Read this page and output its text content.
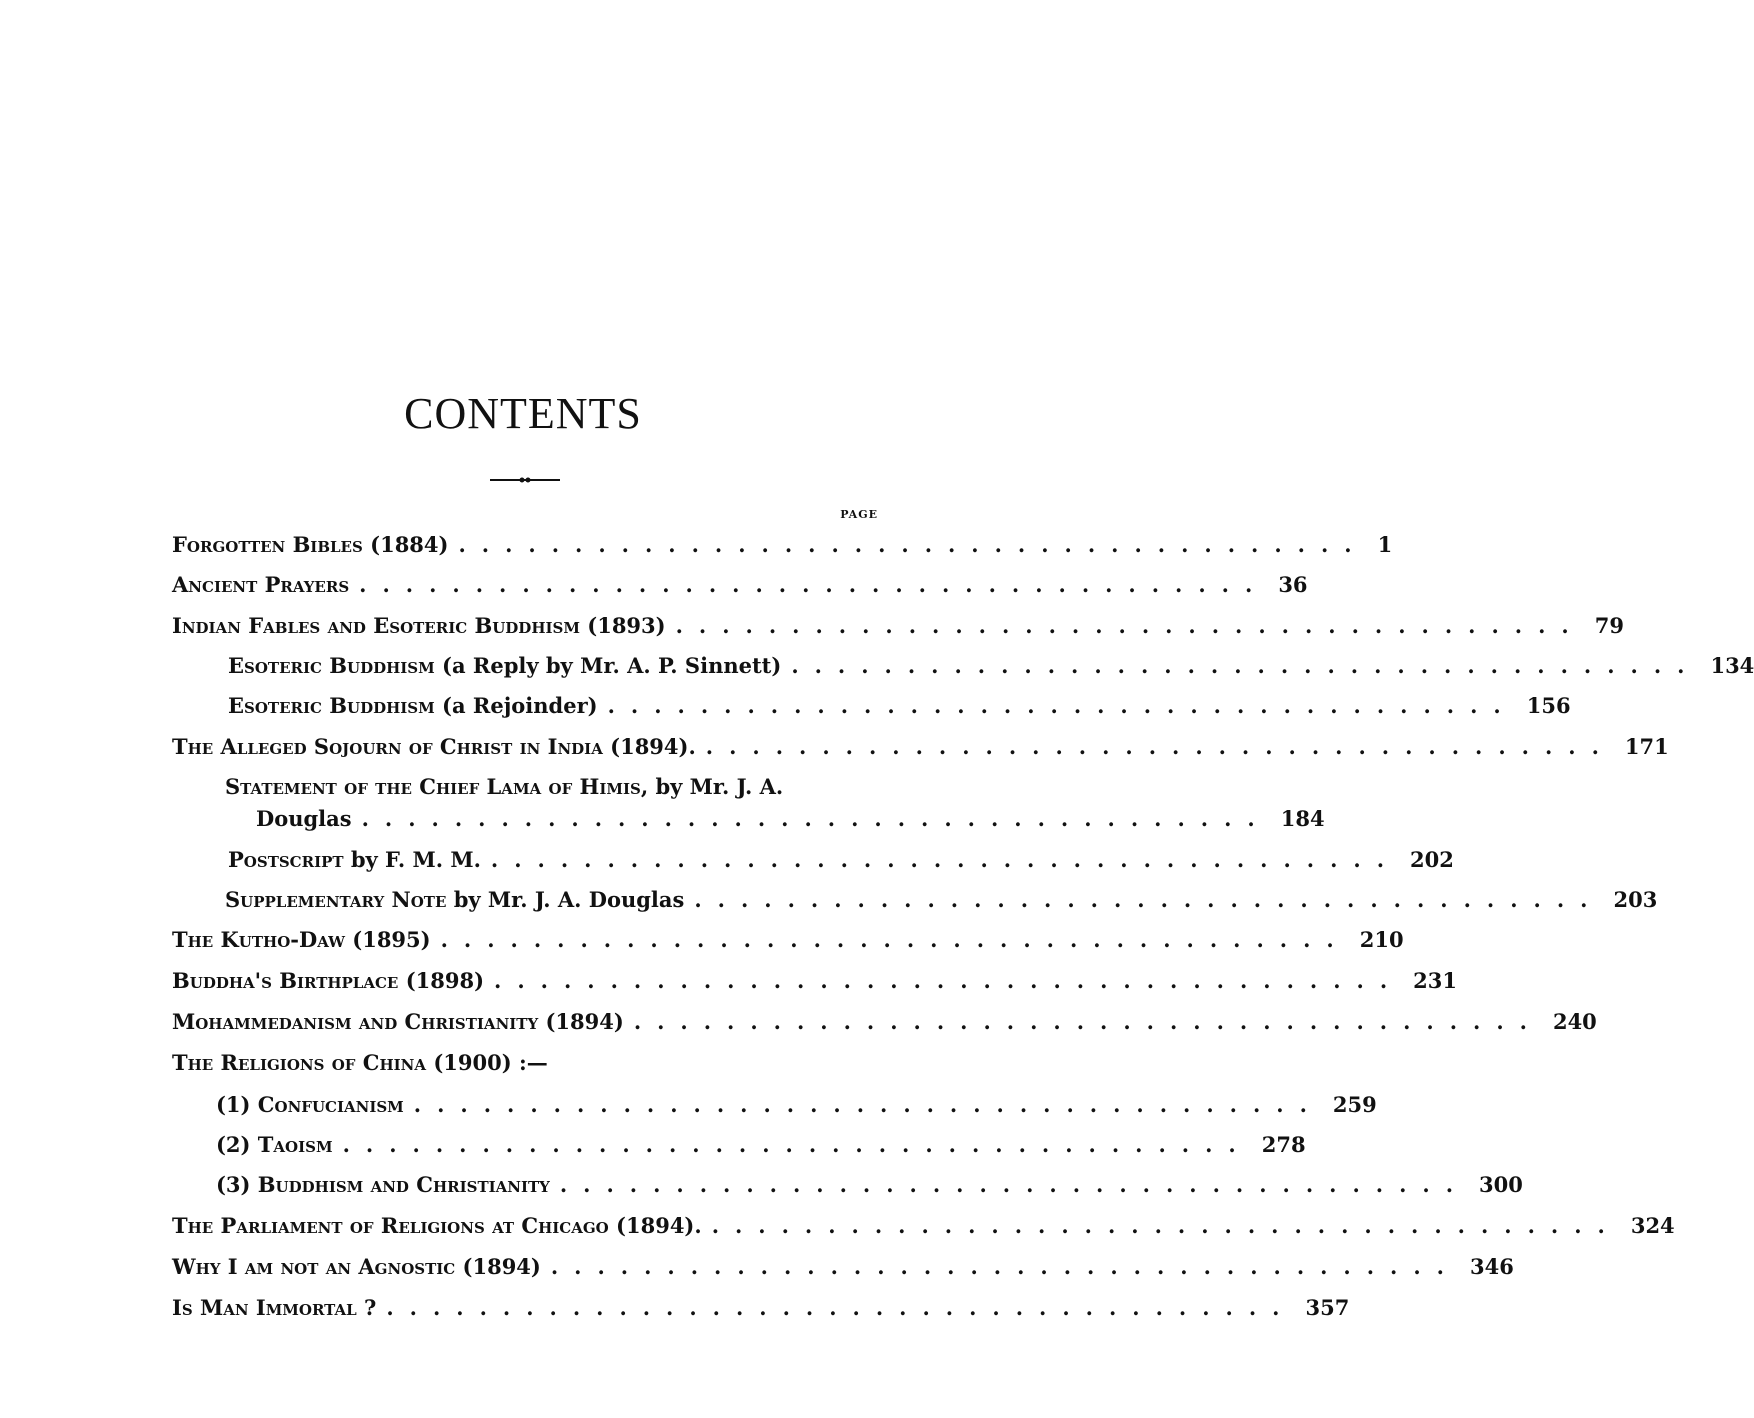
CONTENTS
PAGE
Forgotten Bibles
(1884) ....................................... 1
Ancient Prayers ....................................... 36
Indian Fables and Esoteric Buddhism
(1893) ....................................... 79
Esoteric Buddhism
(a Reply by Mr. A. P. Sinnett) ....................................... 134
Esoteric Buddhism
(a Rejoinder) ....................................... 156
The Alleged Sojourn of Christ in India
(1894). ....................................... 171
Statement of the Chief Lama of Himis, by Mr. J. A.
Douglas ....................................... 184
Postscript
by F. M. M. ....................................... 202
Supplementary Note
by Mr. J. A. Douglas ....................................... 203
The Kutho-Daw
(1895) ....................................... 210
Buddha's Birthplace
(1898) ....................................... 231
Mohammedanism and Christianity
(1894) ....................................... 240
The Religions of China (1900) :—
(1)
Confucianism ....................................... 259
(2)
Taoism ....................................... 278
(3)
Buddhism and Christianity ....................................... 300
The Parliament of Religions at Chicago
(1894). ....................................... 324
Why I am not an Agnostic
(1894) ....................................... 346
Is Man Immortal ? ....................................... 357
